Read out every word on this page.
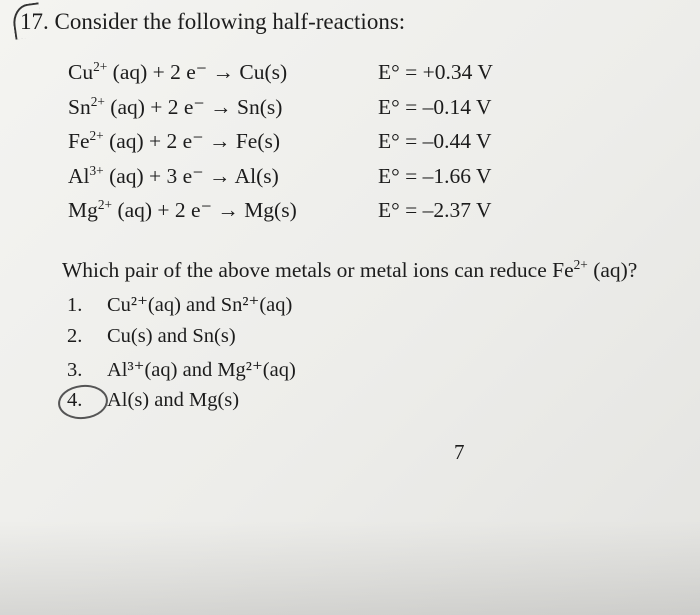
17. Consider the following half-reactions:
$Cu^{2+}$ (aq) + 2 e⁻ → Cu(s)	E° = +0.34 V
$Sn^{2+}$ (aq) + 2 e⁻ → Sn(s)	E° = –0.14 V
$Fe^{2+}$ (aq) + 2 e⁻ → Fe(s)	E° = –0.44 V
$Al^{3+}$ (aq) + 3 e⁻ → Al(s)	E° = –1.66 V
$Mg^{2+}$ (aq) + 2 e⁻ → Mg(s)	E° = –2.37 V
Which pair of the above metals or metal ions can reduce $Fe^{2+}$ (aq)?
1. Cu²⁺(aq) and Sn²⁺(aq)
2. Cu(s) and Sn(s)
3. Al³⁺(aq) and Mg²⁺(aq)
4. Al(s) and Mg(s)
7
